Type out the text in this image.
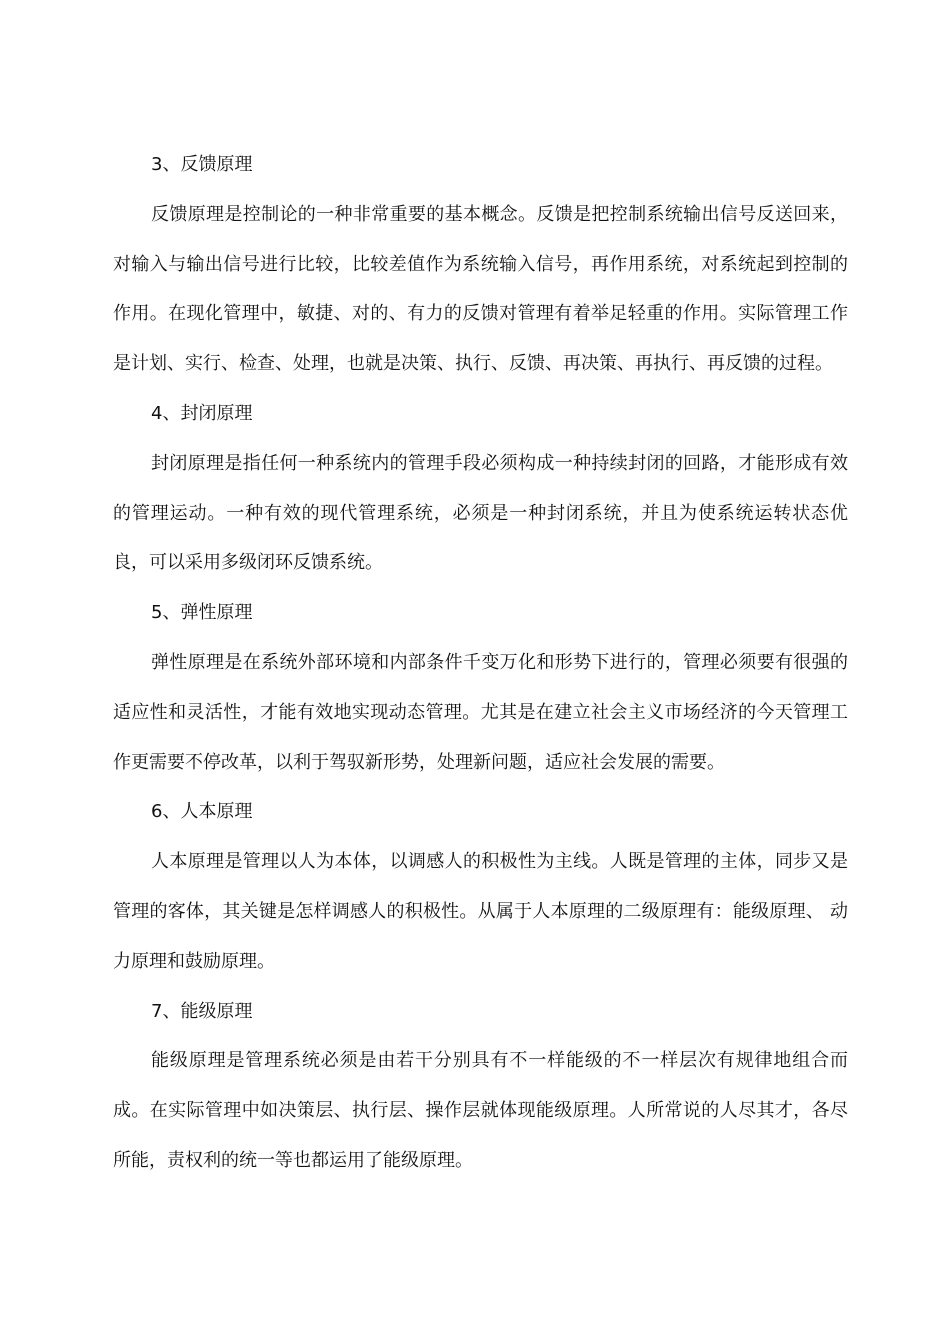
3、反馈原理

反馈原理是控制论的一种非常重要的基本概念。反馈是把控制系统输出信号反送回来，对输入与输出信号进行比较，比较差值作为系统输入信号，再作用系统，对系统起到控制的作用。在现化管理中，敏捷、对的、有力的反馈对管理有着举足轻重的作用。实际管理工作是计划、实行、检查、处理，也就是决策、执行、反馈、再决策、再执行、再反馈的过程。

4、封闭原理

封闭原理是指任何一种系统内的管理手段必须构成一种持续封闭的回路，才能形成有效的管理运动。一种有效的现代管理系统，必须是一种封闭系统，并且为使系统运转状态优良，可以采用多级闭环反馈系统。

5、弹性原理

弹性原理是在系统外部环境和内部条件千变万化和形势下进行的，管理必须要有很强的适应性和灵活性，才能有效地实现动态管理。尤其是在建立社会主义市场经济的今天管理工作更需要不停改革，以利于驾驭新形势，处理新问题，适应社会发展的需要。

6、人本原理

人本原理是管理以人为本体，以调感人的积极性为主线。人既是管理的主体，同步又是管理的客体，其关键是怎样调感人的积极性。从属于人本原理的二级原理有：能级原理、 动力原理和鼓励原理。

7、能级原理

能级原理是管理系统必须是由若干分别具有不一样能级的不一样层次有规律地组合而成。在实际管理中如决策层、执行层、操作层就体现能级原理。人所常说的人尽其才，各尽所能，责权利的统一等也都运用了能级原理。
